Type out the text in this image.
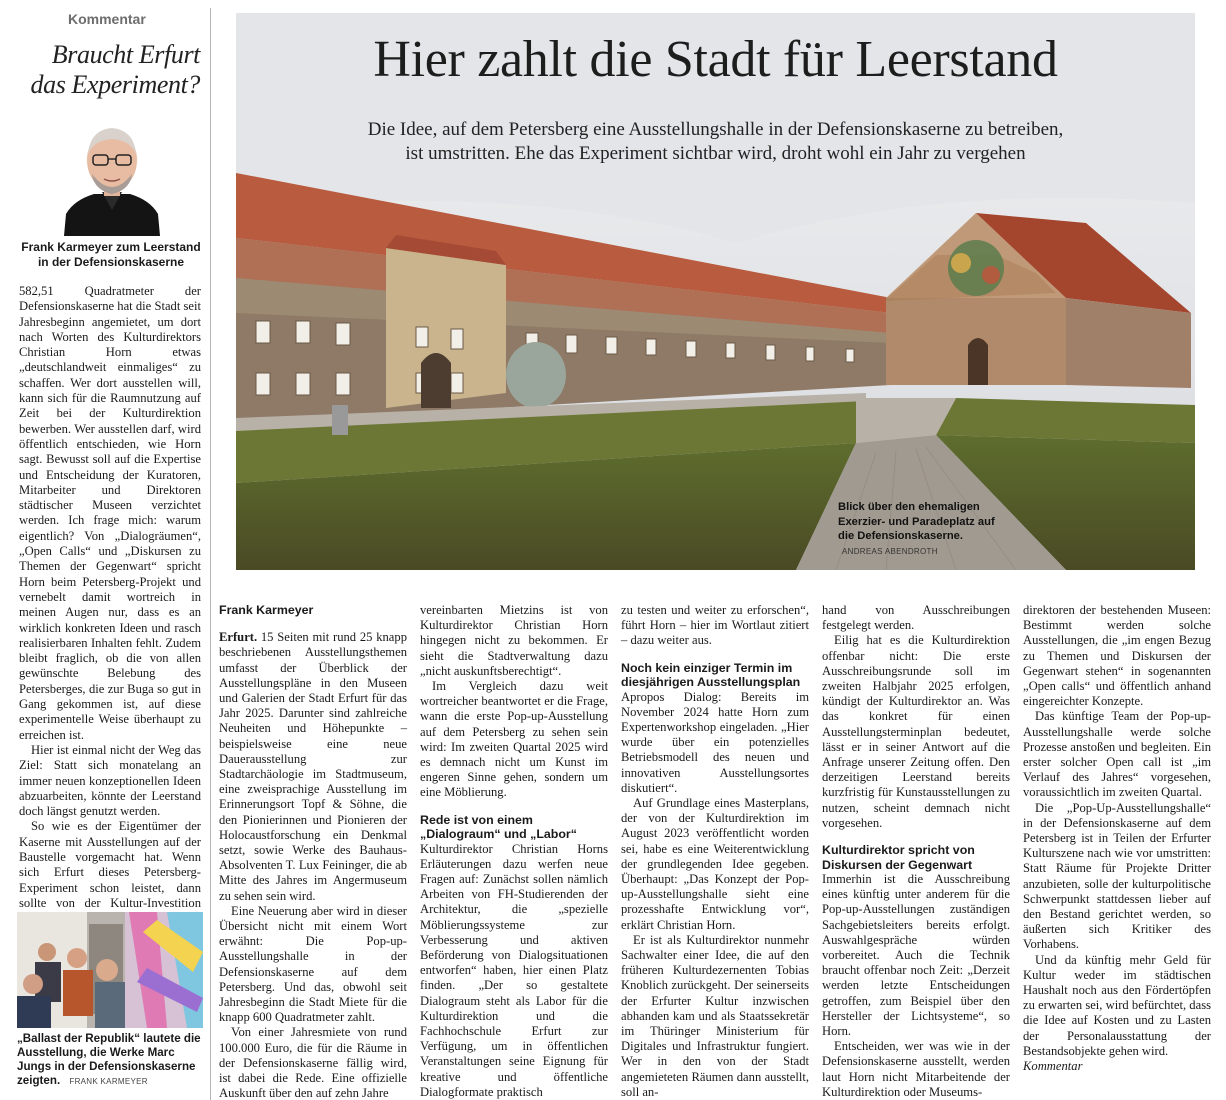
Kommentar
Braucht Erfurt
das Experiment?
Frank Karmeyer zum Leerstand
in der Defensionskaserne

582,51 Quadratmeter der Defensionskaserne hat die Stadt seit Jahresbeginn angemietet, um dort nach Worten des Kulturdirektors Christian Horn etwas „deutschlandweit einmaliges“ zu schaffen. Wer dort ausstellen will, kann sich für die Raumnutzung auf Zeit bei der Kulturdirektion bewerben. Wer ausstellen darf, wird öffentlich entschieden, wie Horn sagt. Bewusst soll auf die Expertise und Entscheidung der Kuratoren, Mitarbeiter und Direktoren städtischer Museen verzichtet werden. Ich frage mich: warum eigentlich? Von „Dialogräumen“, „Open Calls“ und „Diskursen zu Themen der Gegenwart“ spricht Horn beim Petersberg-Projekt und vernebelt damit wortreich in meinen Augen nur, dass es an wirklich konkreten Ideen und rasch realisierbaren Inhalten fehlt. Zudem bleibt fraglich, ob die von allen gewünschte Belebung des Petersberges, die zur Buga so gut in Gang gekommen ist, auf diese experimentelle Weise überhaupt zu erreichen ist.

Hier ist einmal nicht der Weg das Ziel: Statt sich monatelang an immer neuen konzeptionellen Ideen abzuarbeiten, könnte der Leerstand doch längst genutzt werden.

So wie es der Eigentümer der Kaserne mit Ausstellungen auf der Baustelle vorgemacht hat. Wenn sich Erfurt dieses Petersberg-Experiment schon leistet, dann sollte von der Kultur-Investition

„Ballast der Republik“ lautete die Ausstellung, die Werke Marc Jungs in der Defensionskaserne zeigten. FRANK KARMEYER
Hier zahlt die Stadt für Leerstand
Die Idee, auf dem Petersberg eine Ausstellungshalle in der Defensionskaserne zu betreiben,
ist umstritten. Ehe das Experiment sichtbar wird, droht wohl ein Jahr zu vergehen
Blick über den ehemaligen Exerzier- und Paradeplatz auf die Defensionskaserne. ANDREAS ABENDROTH
Frank Karmeyer

Erfurt. 15 Seiten mit rund 25 knapp beschriebenen Ausstellungsthemen umfasst der Überblick der Ausstellungspläne in den Museen und Galerien der Stadt Erfurt für das Jahr 2025. Darunter sind zahlreiche Neuheiten und Höhepunkte – beispielsweise eine neue Dauerausstellung zur Stadtarchäologie im Stadtmuseum, eine zweisprachige Ausstellung im Erinnerungsort Topf & Söhne, die den Pionierinnen und Pionieren der Holocaustforschung ein Denkmal setzt, sowie Werke des Bauhaus-Absolventen T. Lux Feininger, die ab Mitte des Jahres im Angermuseum zu sehen sein wird.

Eine Neuerung aber wird in dieser Übersicht nicht mit einem Wort erwähnt: Die Pop-up-Ausstellungshalle in der Defensionskaserne auf dem Petersberg. Und das, obwohl seit Jahresbeginn die Stadt Miete für die knapp 600 Quadratmeter zahlt.

Von einer Jahresmiete von rund 100.000 Euro, die für die Räume in der Defensionskaserne fällig wird, ist dabei die Rede. Eine offizielle Auskunft über den auf zehn Jahre

vereinbarten Mietzins ist von Kulturdirektor Christian Horn hingegen nicht zu bekommen. Er sieht die Stadtverwaltung dazu „nicht auskunftsberechtigt“.

Im Vergleich dazu weit wortreicher beantwortet er die Frage, wann die erste Pop-up-Ausstellung auf dem Petersberg zu sehen sein wird: Im zweiten Quartal 2025 wird es demnach nicht um Kunst im engeren Sinne gehen, sondern um eine Möblierung.

Rede ist von einem „Dialograum“ und „Labor“

Kulturdirektor Christian Horns Erläuterungen dazu werfen neue Fragen auf: Zunächst sollen nämlich Arbeiten von FH-Studierenden der Architektur, die „spezielle Möblierungssysteme zur Verbesserung und aktiven Beförderung von Dialogsituationen entworfen“ haben, hier einen Platz finden. „Der so gestaltete Dialograum steht als Labor für die Kulturdirektion und die Fachhochschule Erfurt zur Verfügung, um in öffentlichen Veranstaltungen seine Eignung für kreative und öffentliche Dialogformate praktisch

zu testen und weiter zu erforschen“, führt Horn – hier im Wortlaut zitiert – dazu weiter aus.

Noch kein einziger Termin im diesjährigen Ausstellungsplan

Apropos Dialog: Bereits im November 2024 hatte Horn zum Expertenworkshop eingeladen. „Hier wurde über ein potenzielles Betriebsmodell des neuen und innovativen Ausstellungsortes diskutiert“.

Auf Grundlage eines Masterplans, der von der Kulturdirektion im August 2023 veröffentlicht worden sei, habe es eine Weiterentwicklung der grundlegenden Idee gegeben. Überhaupt: „Das Konzept der Pop-up-Ausstellungshalle sieht eine prozesshafte Entwicklung vor“, erklärt Christian Horn.

Er ist als Kulturdirektor nunmehr Sachwalter einer Idee, die auf den früheren Kulturdezernenten Tobias Knoblich zurückgeht. Der seinerseits der Erfurter Kultur inzwischen abhanden kam und als Staatssekretär im Thüringer Ministerium für Digitales und Infrastruktur fungiert. Wer in den von der Stadt angemieteten Räumen dann ausstellt, soll an-

hand von Ausschreibungen festgelegt werden.

Eilig hat es die Kulturdirektion offenbar nicht: Die erste Ausschreibungsrunde soll im zweiten Halbjahr 2025 erfolgen, kündigt der Kulturdirektor an. Was das konkret für einen Ausstellungsterminplan bedeutet, lässt er in seiner Antwort auf die Anfrage unserer Zeitung offen. Den derzeitigen Leerstand bereits kurzfristig für Kunstausstellungen zu nutzen, scheint demnach nicht vorgesehen.

Kulturdirektor spricht von Diskursen der Gegenwart

Immerhin ist die Ausschreibung eines künftig unter anderem für die Pop-up-Ausstellungen zuständigen Sachgebietsleiters bereits erfolgt. Auswahlgespräche würden vorbereitet. Auch die Technik braucht offenbar noch Zeit: „Derzeit werden letzte Entscheidungen getroffen, zum Beispiel über den Hersteller der Lichtsysteme“, so Horn.

Entscheiden, wer was wie in der Defensionskaserne ausstellt, werden laut Horn nicht Mitarbeitende der Kulturdirektion oder Museums-

direktoren der bestehenden Museen: Bestimmt werden solche Ausstellungen, die „im engen Bezug zu Themen und Diskursen der Gegenwart stehen“ in sogenannten „Open calls“ und öffentlich anhand eingereichter Konzepte.

Das künftige Team der Pop-up-Ausstellungshalle werde solche Prozesse anstoßen und begleiten. Ein erster solcher Open call ist „im Verlauf des Jahres“ vorgesehen, voraussichtlich im zweiten Quartal.

Die „Pop-Up-Ausstellungshalle“ in der Defensionskaserne auf dem Petersberg ist in Teilen der Erfurter Kulturszene nach wie vor umstritten: Statt Räume für Projekte Dritter anzubieten, solle der kulturpolitische Schwerpunkt stattdessen lieber auf den Bestand gerichtet werden, so äußerten sich Kritiker des Vorhabens.

Und da künftig mehr Geld für Kultur weder im städtischen Haushalt noch aus den Fördertöpfen zu erwarten sei, wird befürchtet, dass die Idee auf Kosten und zu Lasten der Personalausstattung der Bestandsobjekte gehen wird.

Kommentar
